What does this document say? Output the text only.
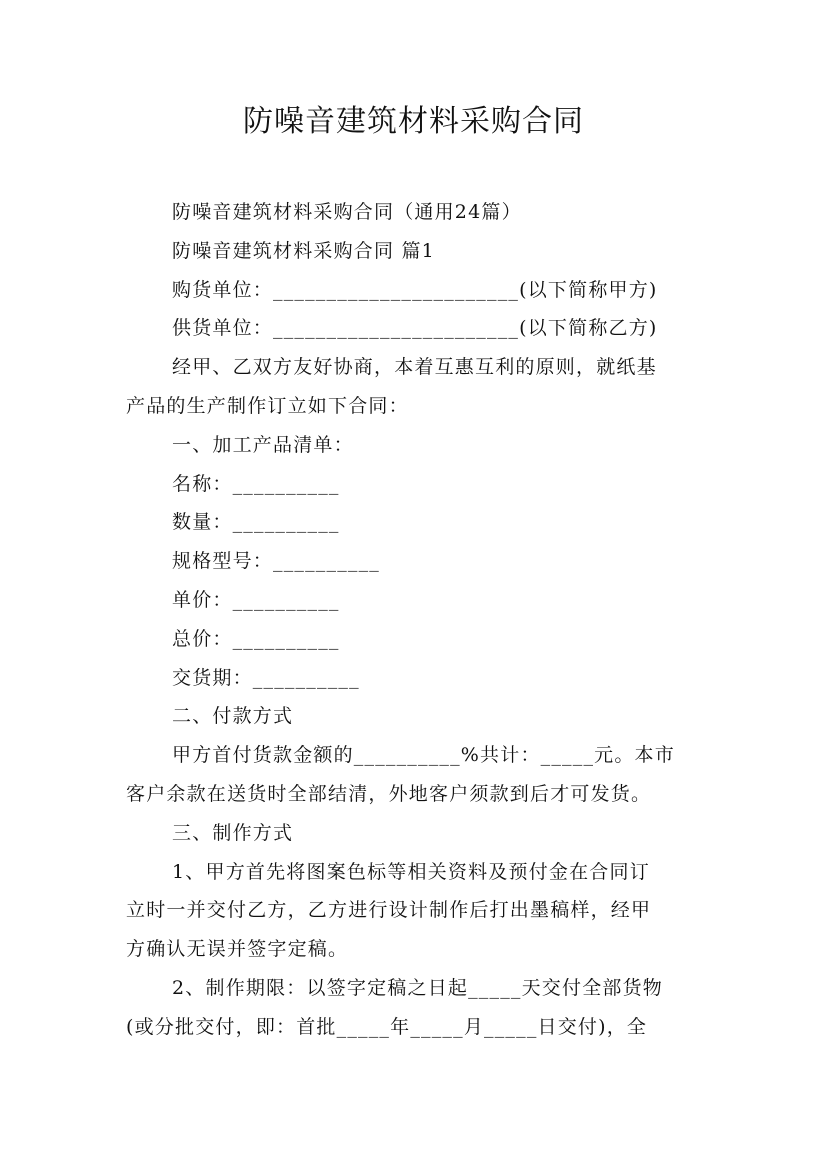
防噪音建筑材料采购合同
防噪音建筑材料采购合同（通用24篇）
防噪音建筑材料采购合同 篇1
购货单位：_______________________(以下简称甲方)
供货单位：_______________________(以下简称乙方)
经甲、乙双方友好协商，本着互惠互利的原则，就纸基
产品的生产制作订立如下合同：
一、加工产品清单：
名称：__________
数量：__________
规格型号：__________
单价：__________
总价：__________
交货期：__________
二、付款方式
甲方首付货款金额的__________%共计：_____元。本市
客户余款在送货时全部结清，外地客户须款到后才可发货。
三、制作方式
1、甲方首先将图案色标等相关资料及预付金在合同订
立时一并交付乙方，乙方进行设计制作后打出墨稿样，经甲
方确认无误并签字定稿。
2、制作期限：以签字定稿之日起_____天交付全部货物
(或分批交付，即：首批_____年_____月_____日交付)，全
